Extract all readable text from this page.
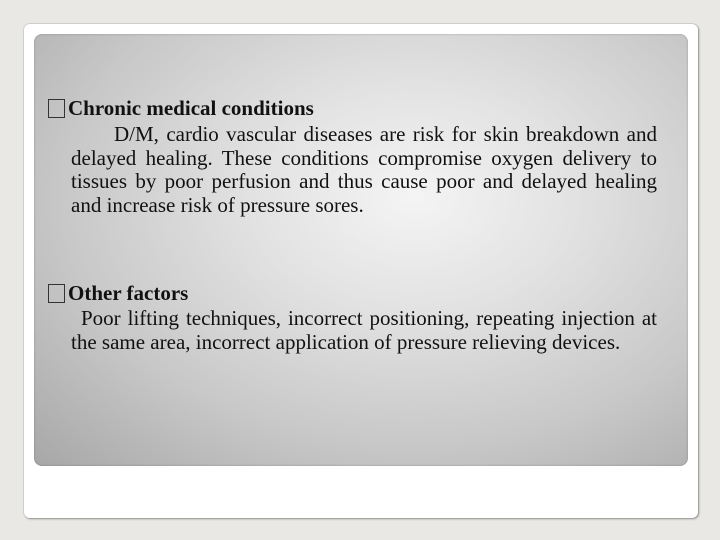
Chronic medical conditions

D/M, cardio vascular diseases are risk for skin breakdown and delayed healing. These conditions compromise oxygen delivery to tissues by poor perfusion and thus cause poor and delayed healing and increase risk of pressure sores.

Other factors

Poor lifting techniques, incorrect positioning, repeating injection at the same area, incorrect application of pressure relieving devices.
